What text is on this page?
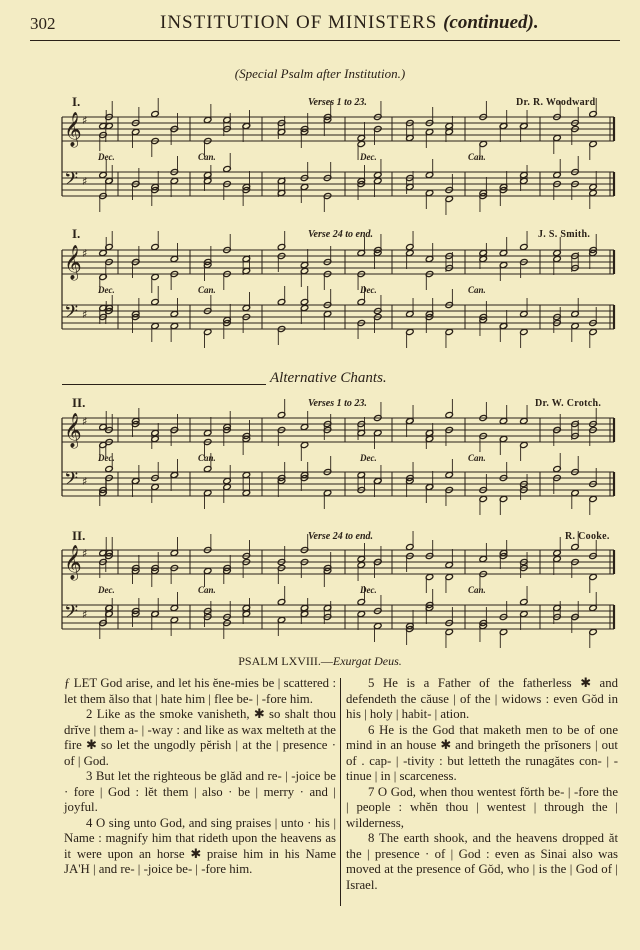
302	INSTITUTION OF MINISTERS (continued).
(Special Psalm after Institution.)
I.	Verses 1 to 23.	Dr. R. Woodward
I.	Verse 24 to end.	J. S. Smith.
Alternative Chants.
II.	Verses 1 to 23.	Dr. W. Crotch.
II.	Verse 24 to end.	R. Cooke.
Dec.	Can.	Dec.	Can.
Dec.	Can.	Dec.	Can.
Dec.	Can.	Dec.	Can.
Dec.	Can.	Dec.	Can.
𝄞 ♯
𝄢 ♯
𝄞 ♯
𝄢 ♯
𝄞 ♯
𝄢 ♯
𝄞 ♯
𝄢 ♯
PSALM LXVIII.—Exurgat Deus.

ƒ LET God arise, and let his ĕne-mies be | scattered : let them ălso that | hate him | flee be- | -fore him.

2 Like as the smoke vanisheth, ✱ so shalt thou drĭve | them a- | -way : and like as wax melteth at the fire ✱ so let the ungodly pĕrish | at the | presence · of | God.

3 But let the righteous be glăd and re- | -joice be · fore | God : lĕt them | also · be | merry · and | joyful.

4 O sing unto God, and sing praises | unto · his | Name : magnify him that rideth upon the heavens as it were upon an horse ✱ praise him in his Name JA'H | and re- | -joice be- | -fore him.

5 He is a Father of the fatherless ✱ and defendeth the căuse | of the | widows : even Gŏd in his | holy | habit- | ation.

6 He is the God that maketh men to be of one mind in an house ✱ and bringeth the prĭsoners | out of . cap- | -tivity : but letteth the runagătes con- | -tinue | in | scarceness.

7 O God, when thou wentest fŏrth be- | -fore the | people : whĕn thou | wentest | through the | wilderness,

8 The earth shook, and the heavens dropped ăt the | presence · of | God : even as Sinai also was moved at the presence of Gŏd, who | is the | God of | Israel.
